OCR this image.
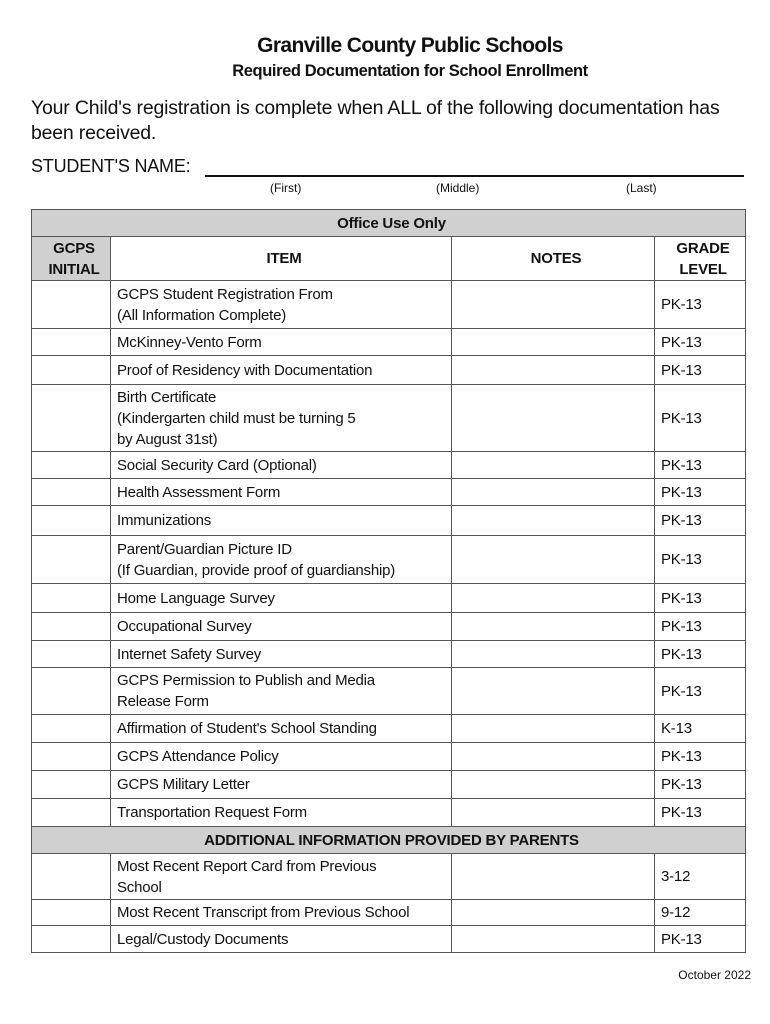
Granville County Public Schools
Required Documentation for School Enrollment
Your Child's registration is complete when ALL of the following documentation has been received.
STUDENT'S NAME:
(First)	(Middle)	(Last)
Office Use Only			
GCPS
INITIAL	ITEM	NOTES	GRADE
LEVEL
	GCPS Student Registration From
(All Information Complete)		PK-13
	McKinney-Vento Form		PK-13
	Proof of Residency with Documentation		PK-13
	Birth Certificate
(Kindergarten child must be turning 5
by August 31st)		PK-13
	Social Security Card (Optional)		PK-13
	Health Assessment Form		PK-13
	Immunizations		PK-13
	Parent/Guardian Picture ID
(If Guardian, provide proof of guardianship)		PK-13
	Home Language Survey		PK-13
	Occupational Survey		PK-13
	Internet Safety Survey		PK-13
	GCPS Permission to Publish and Media
Release Form		PK-13
	Affirmation of Student's School Standing		K-13
	GCPS Attendance Policy		PK-13
	GCPS Military Letter		PK-13
	Transportation Request Form		PK-13
ADDITIONAL INFORMATION PROVIDED BY PARENTS			
	Most Recent Report Card from Previous
School		3-12
	Most Recent Transcript from Previous School		9-12
	Legal/Custody Documents		PK-13
October 2022
